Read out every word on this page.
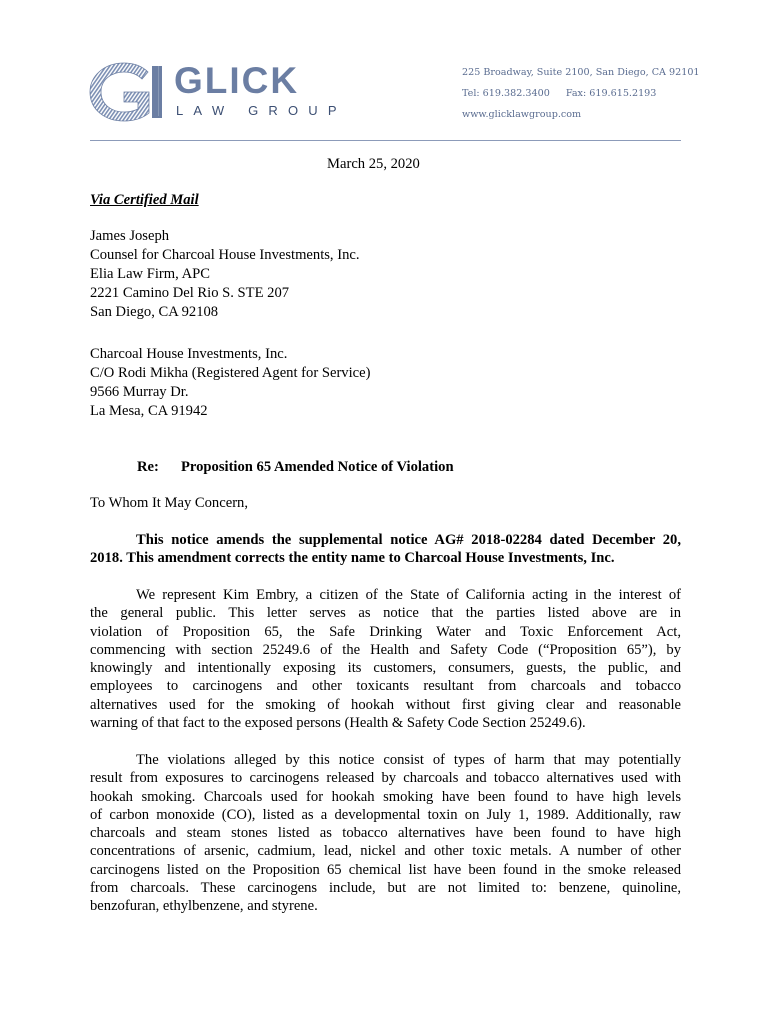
GLICK
LAW GROUP
225 Broadway, Suite 2100, San Diego, CA 92101
Tel: 619.382.3400 Fax: 619.615.2193
www.glicklawgroup.com
March 25, 2020
Via Certified Mail
James Joseph
Counsel for Charcoal House Investments, Inc.
Elia Law Firm, APC
2221 Camino Del Rio S. STE 207
San Diego, CA 92108
Charcoal House Investments, Inc.
C/O Rodi Mikha (Registered Agent for Service)
9566 Murray Dr.
La Mesa, CA 91942
Re: Proposition 65 Amended Notice of Violation
To Whom It May Concern,
This notice amends the supplemental notice AG# 2018-02284 dated December 20,
2018. This amendment corrects the entity name to Charcoal House Investments, Inc.
We represent Kim Embry, a citizen of the State of California acting in the interest of
the general public. This letter serves as notice that the parties listed above are in
violation of Proposition 65, the Safe Drinking Water and Toxic Enforcement Act,
commencing with section 25249.6 of the Health and Safety Code (“Proposition 65”), by
knowingly and intentionally exposing its customers, consumers, guests, the public, and
employees to carcinogens and other toxicants resultant from charcoals and tobacco
alternatives used for the smoking of hookah without first giving clear and reasonable
warning of that fact to the exposed persons (Health & Safety Code Section 25249.6).
The violations alleged by this notice consist of types of harm that may potentially
result from exposures to carcinogens released by charcoals and tobacco alternatives used with
hookah smoking. Charcoals used for hookah smoking have been found to have high levels
of carbon monoxide (CO), listed as a developmental toxin on July 1, 1989. Additionally, raw
charcoals and steam stones listed as tobacco alternatives have been found to have high
concentrations of arsenic, cadmium, lead, nickel and other toxic metals. A number of other
carcinogens listed on the Proposition 65 chemical list have been found in the smoke released
from charcoals. These carcinogens include, but are not limited to: benzene, quinoline,
benzofuran, ethylbenzene, and styrene.
